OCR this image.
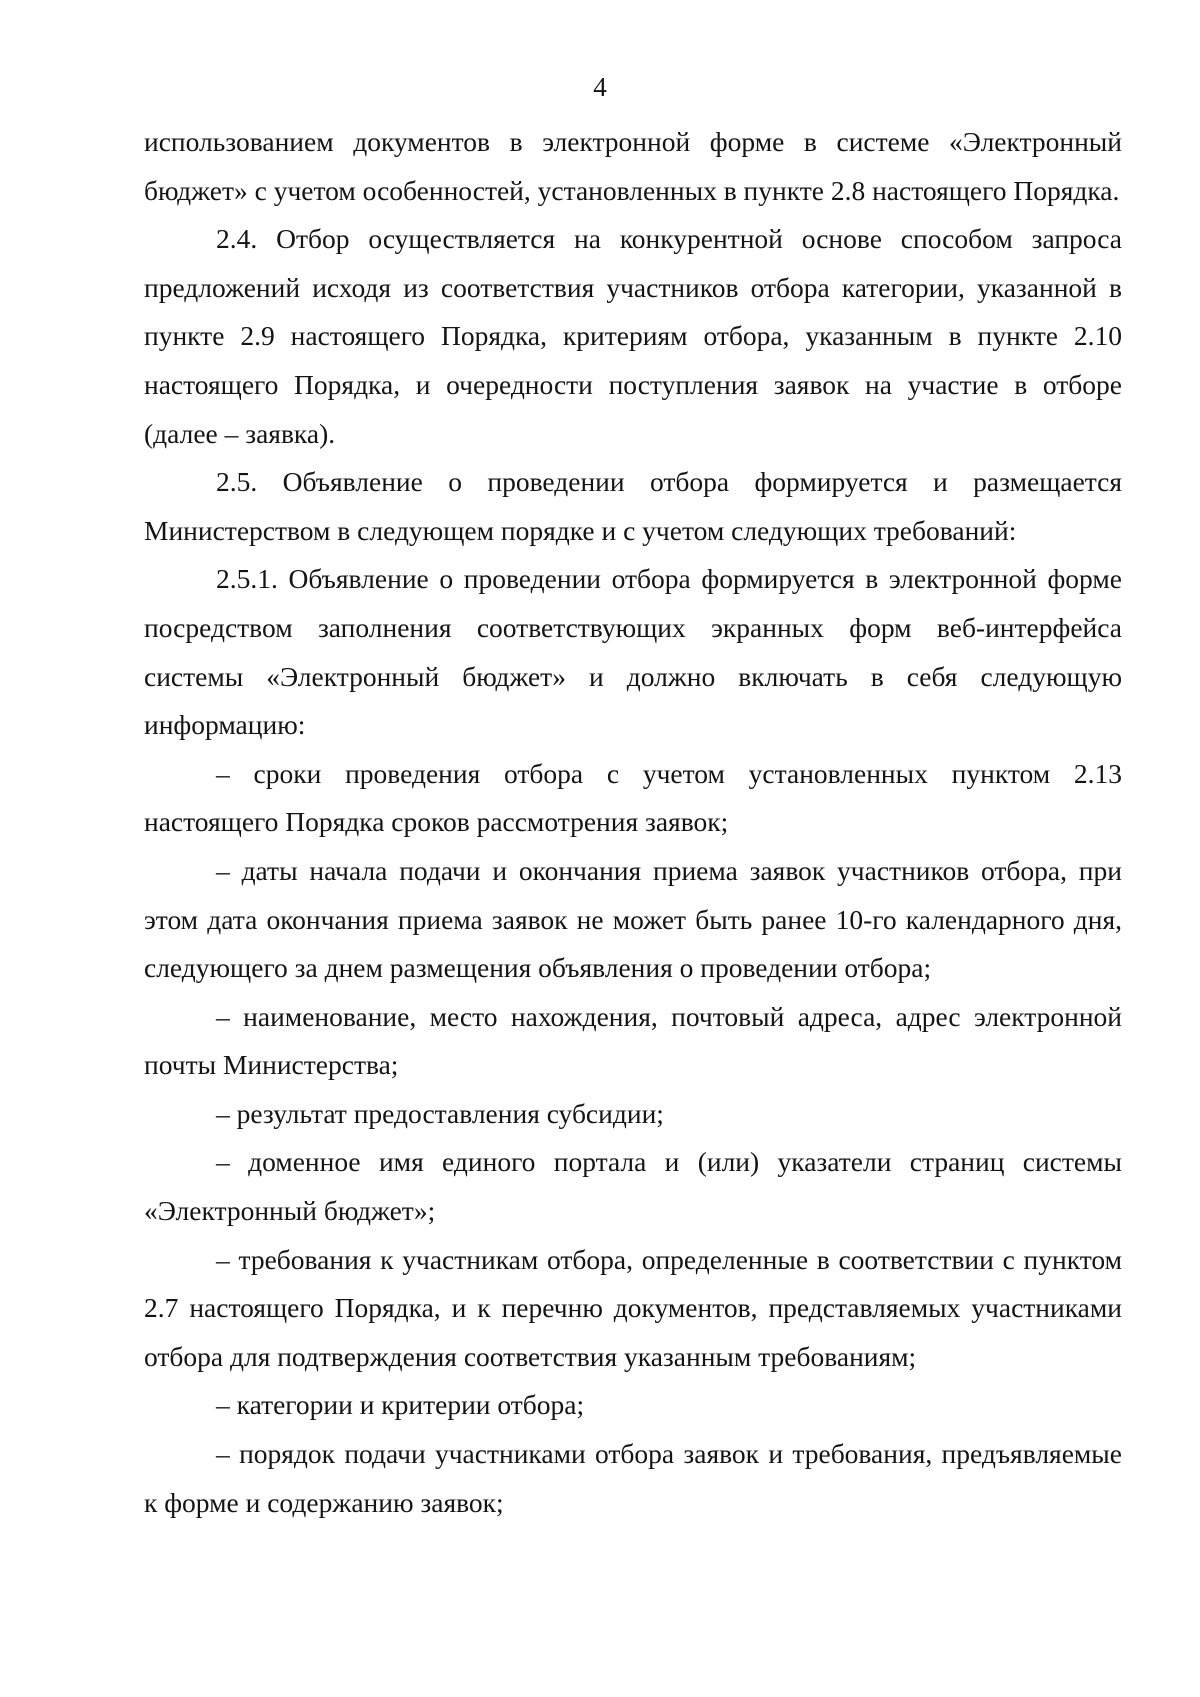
4

использованием документов в электронной форме в системе «Электронный бюджет» с учетом особенностей, установленных в пункте 2.8 настоящего Порядка.

2.4. Отбор осуществляется на конкурентной основе способом запроса предложений исходя из соответствия участников отбора категории, указанной в пункте 2.9 настоящего Порядка, критериям отбора, указанным в пункте 2.10 настоящего Порядка, и очередности поступления заявок на участие в отборе (далее – заявка).

2.5. Объявление о проведении отбора формируется и размещается Министерством в следующем порядке и с учетом следующих требований:

2.5.1. Объявление о проведении отбора формируется в электронной форме посредством заполнения соответствующих экранных форм веб-интерфейса системы «Электронный бюджет» и должно включать в себя следующую информацию:

– сроки проведения отбора с учетом установленных пунктом 2.13 настоящего Порядка сроков рассмотрения заявок;

– даты начала подачи и окончания приема заявок участников отбора, при этом дата окончания приема заявок не может быть ранее 10-го календарного дня, следующего за днем размещения объявления о проведении отбора;

– наименование, место нахождения, почтовый адреса, адрес электронной почты Министерства;

– результат предоставления субсидии;

– доменное имя единого портала и (или) указатели страниц системы «Электронный бюджет»;

– требования к участникам отбора, определенные в соответствии с пунктом 2.7 настоящего Порядка, и к перечню документов, представляемых участниками отбора для подтверждения соответствия указанным требованиям;

– категории и критерии отбора;

– порядок подачи участниками отбора заявок и требования, предъявляемые к форме и содержанию заявок;
